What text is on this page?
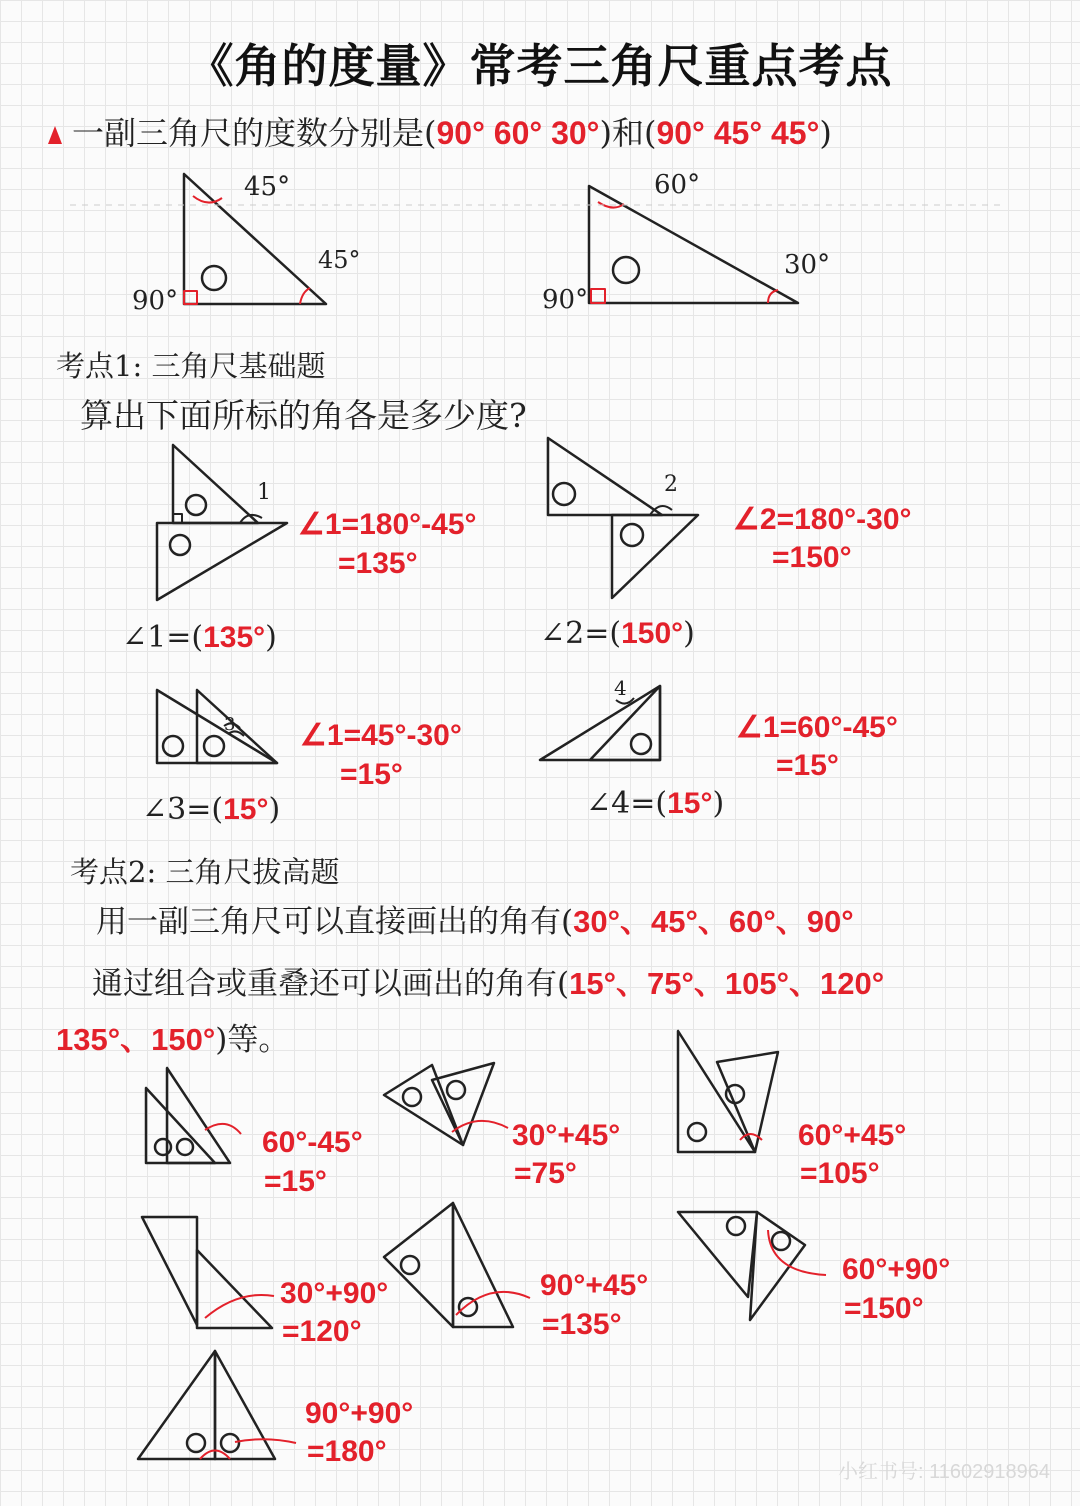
《角的度量》常考三角尺重点考点
一副三角尺的度数分别是(90° 60° 30°)和(90° 45° 45°)
45°
45°
90°
60°
30°
90°
考点1: 三角尺基础题
算出下面所标的角各是多少度?
1	2
3
4
∠1=180°-45°
=135°
∠1=(135°)
∠2=180°-30°
=150°
∠2=(150°)
∠1=45°-30°
=15°
∠3=(15°)
∠1=60°-45°
=15°
∠4=(15°)
考点2: 三角尺拔高题
用一副三角尺可以直接画出的角有(30°、45°、60°、90°
通过组合或重叠还可以画出的角有(15°、75°、105°、120°
135°、150°)等。
60°-45°
=15°
30°+45°
=75°
60°+45°
=105°
30°+90°
=120°
90°+45°
=135°
60°+90°
=150°
90°+90°
=180°
小红书号: 11602918964
